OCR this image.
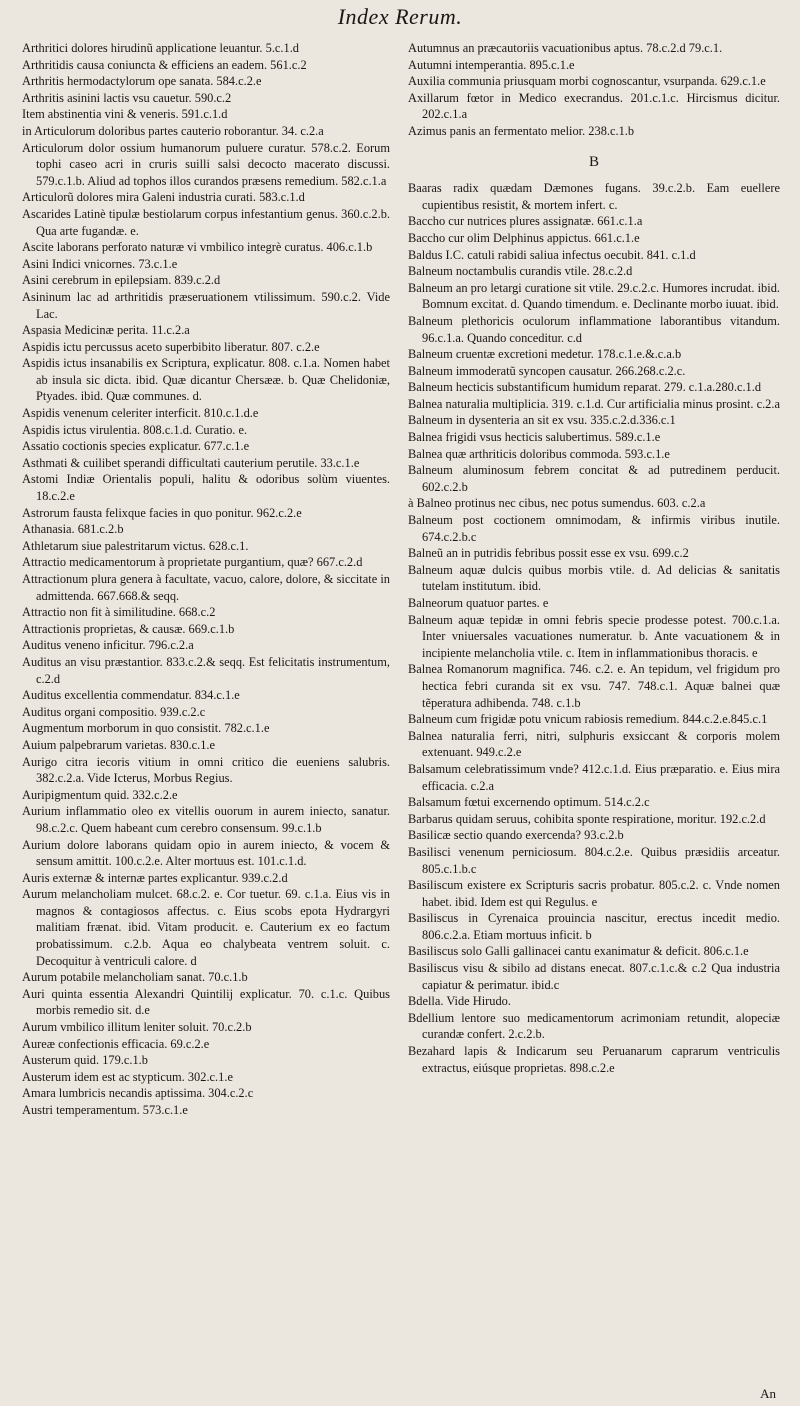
Index Rerum.
Arthritici dolores hirudinũ applicatione leuantur. 5.c.1.d
Arthritidis causa coniuncta & efficiens an eadem. 561.c.2
Arthritis hermodactylorum ope sanata. 584.c.2.e
Arthritis asinini lactis vsu cauetur. 590.c.2
Item abstinentia vini & veneris. 591.c.1.d
in Articulorum doloribus partes cauterio roborantur. 34. c.2.a
Articulorum dolor ossium humanorum puluere curatur. 578.c.2. Eorum tophi caseo acri in cruris suilli salsi decocto macerato discussi. 579.c.1.b. Aliud ad tophos illos curandos præsens remedium. 582.c.1.a
Articulorũ dolores mira Galeni industria curati. 583.c.1.d
Ascarides Latinè tipulæ bestiolarum corpus infestantium genus. 360.c.2.b. Qua arte fugandæ. e.
Ascite laborans perforato naturæ vi vmbilico integrè curatus. 406.c.1.b
Asini Indici vnicornes. 73.c.1.e
Asini cerebrum in epilepsiam. 839.c.2.d
Asininum lac ad arthritidis præseruationem vtilissimum. 590.c.2. Vide Lac.
Aspasia Medicinæ perita. 11.c.2.a
Aspidis ictu percussus aceto superbibito liberatur. 807. c.2.e
Aspidis ictus insanabilis ex Scriptura, explicatur. 808. c.1.a. Nomen habet ab insula sic dicta. ibid. Quæ dicantur Chersææ. b. Quæ Chelidoniæ, Ptyades. ibid. Quæ communes. d.
Aspidis venenum celeriter interficit. 810.c.1.d.e
Aspidis ictus virulentia. 808.c.1.d. Curatio. e.
Assatio coctionis species explicatur. 677.c.1.e
Asthmati & cuilibet sperandi difficultati cauterium perutile. 33.c.1.e
Astomi Indiæ Orientalis populi, halitu & odoribus solùm viuentes. 18.c.2.e
Astrorum fausta felixque facies in quo ponitur. 962.c.2.e
Athanasia. 681.c.2.b
Athletarum siue palestritarum victus. 628.c.1.
Attractio medicamentorum à proprietate purgantium, quæ? 667.c.2.d
Attractionum plura genera à facultate, vacuo, calore, dolore, & siccitate in admittenda. 667.668.& seqq.
Attractio non fit à similitudine. 668.c.2
Attractionis proprietas, & causæ. 669.c.1.b
Auditus veneno inficitur. 796.c.2.a
Auditus an visu præstantior. 833.c.2.& seqq. Est felicitatis instrumentum, c.2.d
Auditus excellentia commendatur. 834.c.1.e
Auditus organi compositio. 939.c.2.c
Augmentum morborum in quo consistit. 782.c.1.e
Auium palpebrarum varietas. 830.c.1.e
Aurigo citra iecoris vitium in omni critico die eueniens salubris. 382.c.2.a. Vide Icterus, Morbus Regius.
Auripigmentum quid. 332.c.2.e
Aurium inflammatio oleo ex vitellis ouorum in aurem iniecto, sanatur. 98.c.2.c. Quem habeant cum cerebro consensum. 99.c.1.b
Aurium dolore laborans quidam opio in aurem iniecto, & vocem & sensum amittit. 100.c.2.e. Alter mortuus est. 101.c.1.d.
Auris externæ & internæ partes explicantur. 939.c.2.d
Aurum melancholiam mulcet. 68.c.2. e. Cor tuetur. 69. c.1.a. Eius vis in magnos & contagiosos affectus. c. Eius scobs epota Hydrargyri malitiam frænat. ibid. Vitam producit. e. Cauterium ex eo factum probatissimum. c.2.b. Aqua eo chalybeata ventrem soluit. c. Decoquitur à ventriculi calore. d
Aurum potabile melancholiam sanat. 70.c.1.b
Auri quinta essentia Alexandri Quintilij explicatur. 70. c.1.c. Quibus morbis remedio sit. d.e
Aurum vmbilico illitum leniter soluit. 70.c.2.b
Aureæ confectionis efficacia. 69.c.2.e
Austerum quid. 179.c.1.b
Austerum idem est ac stypticum. 302.c.1.e
Amara lumbricis necandis aptissima. 304.c.2.c
Austri temperamentum. 573.c.1.e
Autumnus an præcautoriis vacuationibus aptus. 78.c.2.d 79.c.1.
Autumni intemperantia. 895.c.1.e
Auxilia communia priusquam morbi cognoscantur, vsurpanda. 629.c.1.e
Axillarum fœtor in Medico execrandus. 201.c.1.c. Hircismus dicitur. 202.c.1.a
Azimus panis an fermentato melior. 238.c.1.b
B
Baaras radix quædam Dæmones fugans. 39.c.2.b. Eam euellere cupientibus resistit, & mortem infert. c.
Baccho cur nutrices plures assignatæ. 661.c.1.a
Baccho cur olim Delphinus appictus. 661.c.1.e
Baldus I.C. catuli rabidi saliua infectus oecubit. 841. c.1.d
Balneum noctambulis curandis vtile. 28.c.2.d
Balneum an pro letargi curatione sit vtile. 29.c.2.c. Humores incrudat. ibid. Bomnum excitat. d. Quando timendum. e. Declinante morbo iuuat. ibid.
Balneum plethoricis oculorum inflammatione laborantibus vitandum. 96.c.1.a. Quando conceditur. c.d
Balneum cruentæ excretioni medetur. 178.c.1.e.&.c.a.b
Balneum immoderatũ syncopen causatur. 266.268.c.2.c.
Balneum hecticis substantificum humidum reparat. 279. c.1.a.280.c.1.d
Balnea naturalia multiplicia. 319. c.1.d. Cur artificialia minus prosint. c.2.a
Balneum in dysenteria an sit ex vsu. 335.c.2.d.336.c.1
Balnea frigidi vsus hecticis salubertimus. 589.c.1.e
Balnea quæ arthriticis doloribus commoda. 593.c.1.e
Balneum aluminosum febrem concitat & ad putredinem perducit. 602.c.2.b
à Balneo protinus nec cibus, nec potus sumendus. 603. c.2.a
Balneum post coctionem omnimodam, & infirmis viribus inutile. 674.c.2.b.c
Balneũ an in putridis febribus possit esse ex vsu. 699.c.2
Balneum aquæ dulcis quibus morbis vtile. d. Ad delicias & sanitatis tutelam institutum. ibid.
Balneorum quatuor partes. e
Balneum aquæ tepidæ in omni febris specie prodesse potest. 700.c.1.a. Inter vniuersales vacuationes numeratur. b. Ante vacuationem & in incipiente melancholia vtile. c. Item in inflammationibus thoracis. e
Balnea Romanorum magnifica. 746. c.2. e. An tepidum, vel frigidum pro hectica febri curanda sit ex vsu. 747. 748.c.1. Aquæ balnei quæ tẽperatura adhibenda. 748. c.1.b
Balneum cum frigidæ potu vnicum rabiosis remedium. 844.c.2.e.845.c.1
Balnea naturalia ferri, nitri, sulphuris exsiccant & corporis molem extenuant. 949.c.2.e
Balsamum celebratissimum vnde? 412.c.1.d. Eius præparatio. e. Eius mira efficacia. c.2.a
Balsamum fœtui excernendo optimum. 514.c.2.c
Barbarus quidam seruus, cohibita sponte respiratione, moritur. 192.c.2.d
Basilicæ sectio quando exercenda? 93.c.2.b
Basilisci venenum perniciosum. 804.c.2.e. Quibus præsidiis arceatur. 805.c.1.b.c
Basiliscum existere ex Scripturis sacris probatur. 805.c.2. c. Vnde nomen habet. ibid. Idem est qui Regulus. e
Basiliscus in Cyrenaica prouincia nascitur, erectus incedit medio. 806.c.2.a. Etiam mortuus inficit. b
Basiliscus solo Galli gallinacei cantu exanimatur & deficit. 806.c.1.e
Basiliscus visu & sibilo ad distans enecat. 807.c.1.c.& c.2 Qua industria capiatur & perimatur. ibid.c
Bdella. Vide Hirudo.
Bdellium lentore suo medicamentorum acrimoniam retundit, alopeciæ curandæ confert. 2.c.2.b.
Bezahard lapis & Indicarum seu Peruanarum caprarum ventriculis extractus, eiúsque proprietas. 898.c.2.e
An
